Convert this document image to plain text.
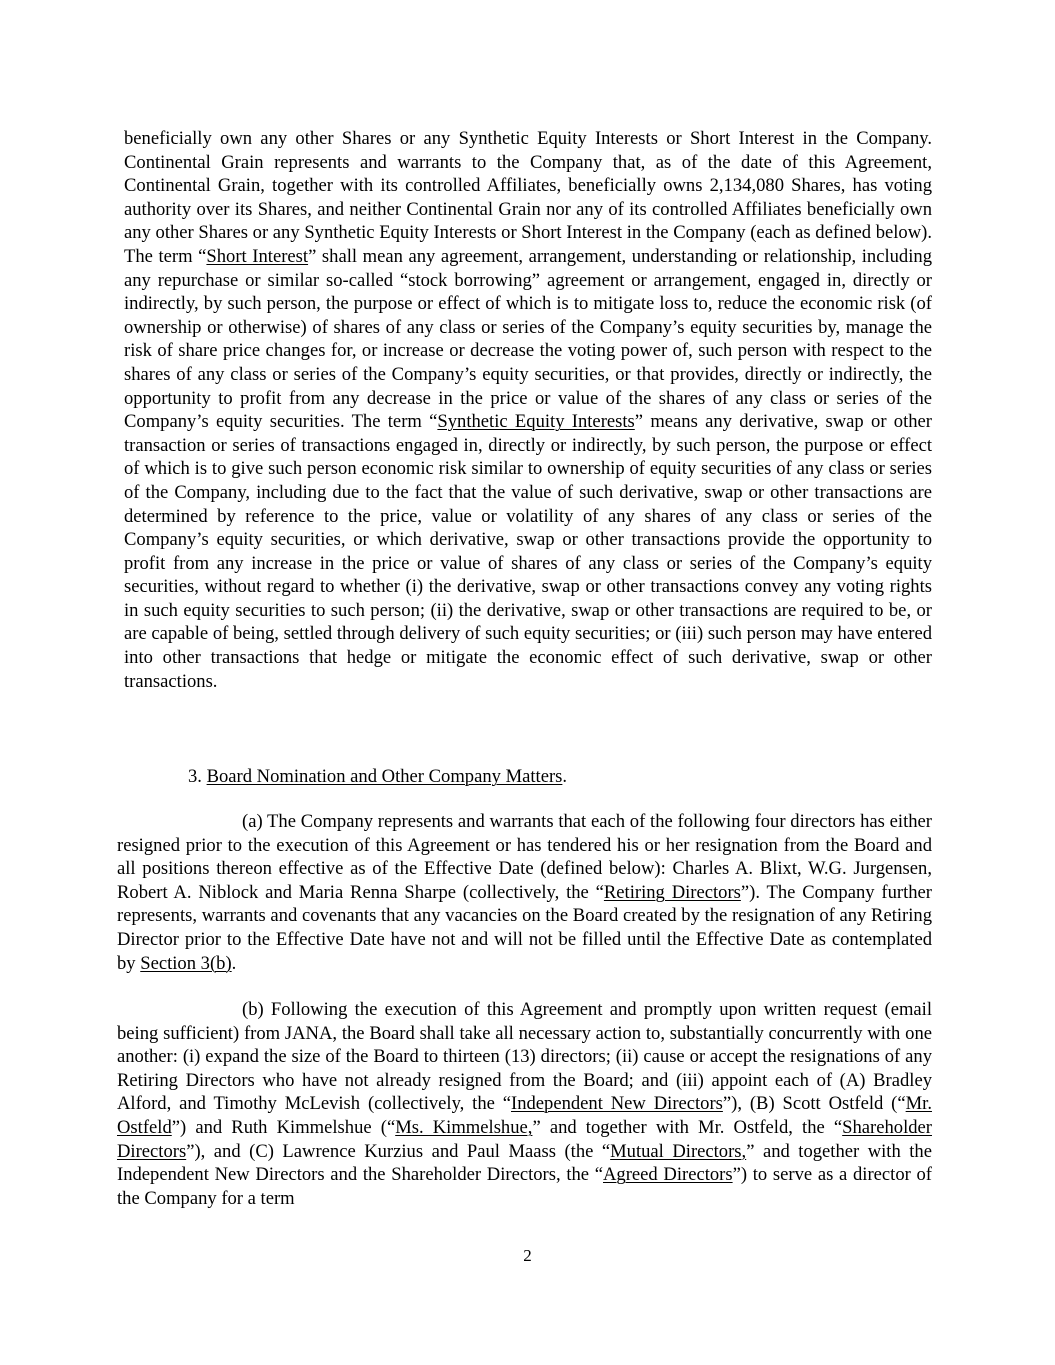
beneficially own any other Shares or any Synthetic Equity Interests or Short Interest in the Company. Continental Grain represents and warrants to the Company that, as of the date of this Agreement, Continental Grain, together with its controlled Affiliates, beneficially owns 2,134,080 Shares, has voting authority over its Shares, and neither Continental Grain nor any of its controlled Affiliates beneficially own any other Shares or any Synthetic Equity Interests or Short Interest in the Company (each as defined below). The term “Short Interest” shall mean any agreement, arrangement, understanding or relationship, including any repurchase or similar so-called “stock borrowing” agreement or arrangement, engaged in, directly or indirectly, by such person, the purpose or effect of which is to mitigate loss to, reduce the economic risk (of ownership or otherwise) of shares of any class or series of the Company’s equity securities by, manage the risk of share price changes for, or increase or decrease the voting power of, such person with respect to the shares of any class or series of the Company’s equity securities, or that provides, directly or indirectly, the opportunity to profit from any decrease in the price or value of the shares of any class or series of the Company’s equity securities. The term “Synthetic Equity Interests” means any derivative, swap or other transaction or series of transactions engaged in, directly or indirectly, by such person, the purpose or effect of which is to give such person economic risk similar to ownership of equity securities of any class or series of the Company, including due to the fact that the value of such derivative, swap or other transactions are determined by reference to the price, value or volatility of any shares of any class or series of the Company’s equity securities, or which derivative, swap or other transactions provide the opportunity to profit from any increase in the price or value of shares of any class or series of the Company’s equity securities, without regard to whether (i) the derivative, swap or other transactions convey any voting rights in such equity securities to such person; (ii) the derivative, swap or other transactions are required to be, or are capable of being, settled through delivery of such equity securities; or (iii) such person may have entered into other transactions that hedge or mitigate the economic effect of such derivative, swap or other transactions.

3. Board Nomination and Other Company Matters.

(a) The Company represents and warrants that each of the following four directors has either resigned prior to the execution of this Agreement or has tendered his or her resignation from the Board and all positions thereon effective as of the Effective Date (defined below): Charles A. Blixt, W.G. Jurgensen, Robert A. Niblock and Maria Renna Sharpe (collectively, the “Retiring Directors”). The Company further represents, warrants and covenants that any vacancies on the Board created by the resignation of any Retiring Director prior to the Effective Date have not and will not be filled until the Effective Date as contemplated by Section 3(b).

(b) Following the execution of this Agreement and promptly upon written request (email being sufficient) from JANA, the Board shall take all necessary action to, substantially concurrently with one another: (i) expand the size of the Board to thirteen (13) directors; (ii) cause or accept the resignations of any Retiring Directors who have not already resigned from the Board; and (iii) appoint each of (A) Bradley Alford, and Timothy McLevish (collectively, the “Independent New Directors”), (B) Scott Ostfeld (“Mr. Ostfeld”) and Ruth Kimmelshue (“Ms. Kimmelshue,” and together with Mr. Ostfeld, the “Shareholder Directors”), and (C) Lawrence Kurzius and Paul Maass (the “Mutual Directors,” and together with the Independent New Directors and the Shareholder Directors, the “Agreed Directors”) to serve as a director of the Company for a term

2
